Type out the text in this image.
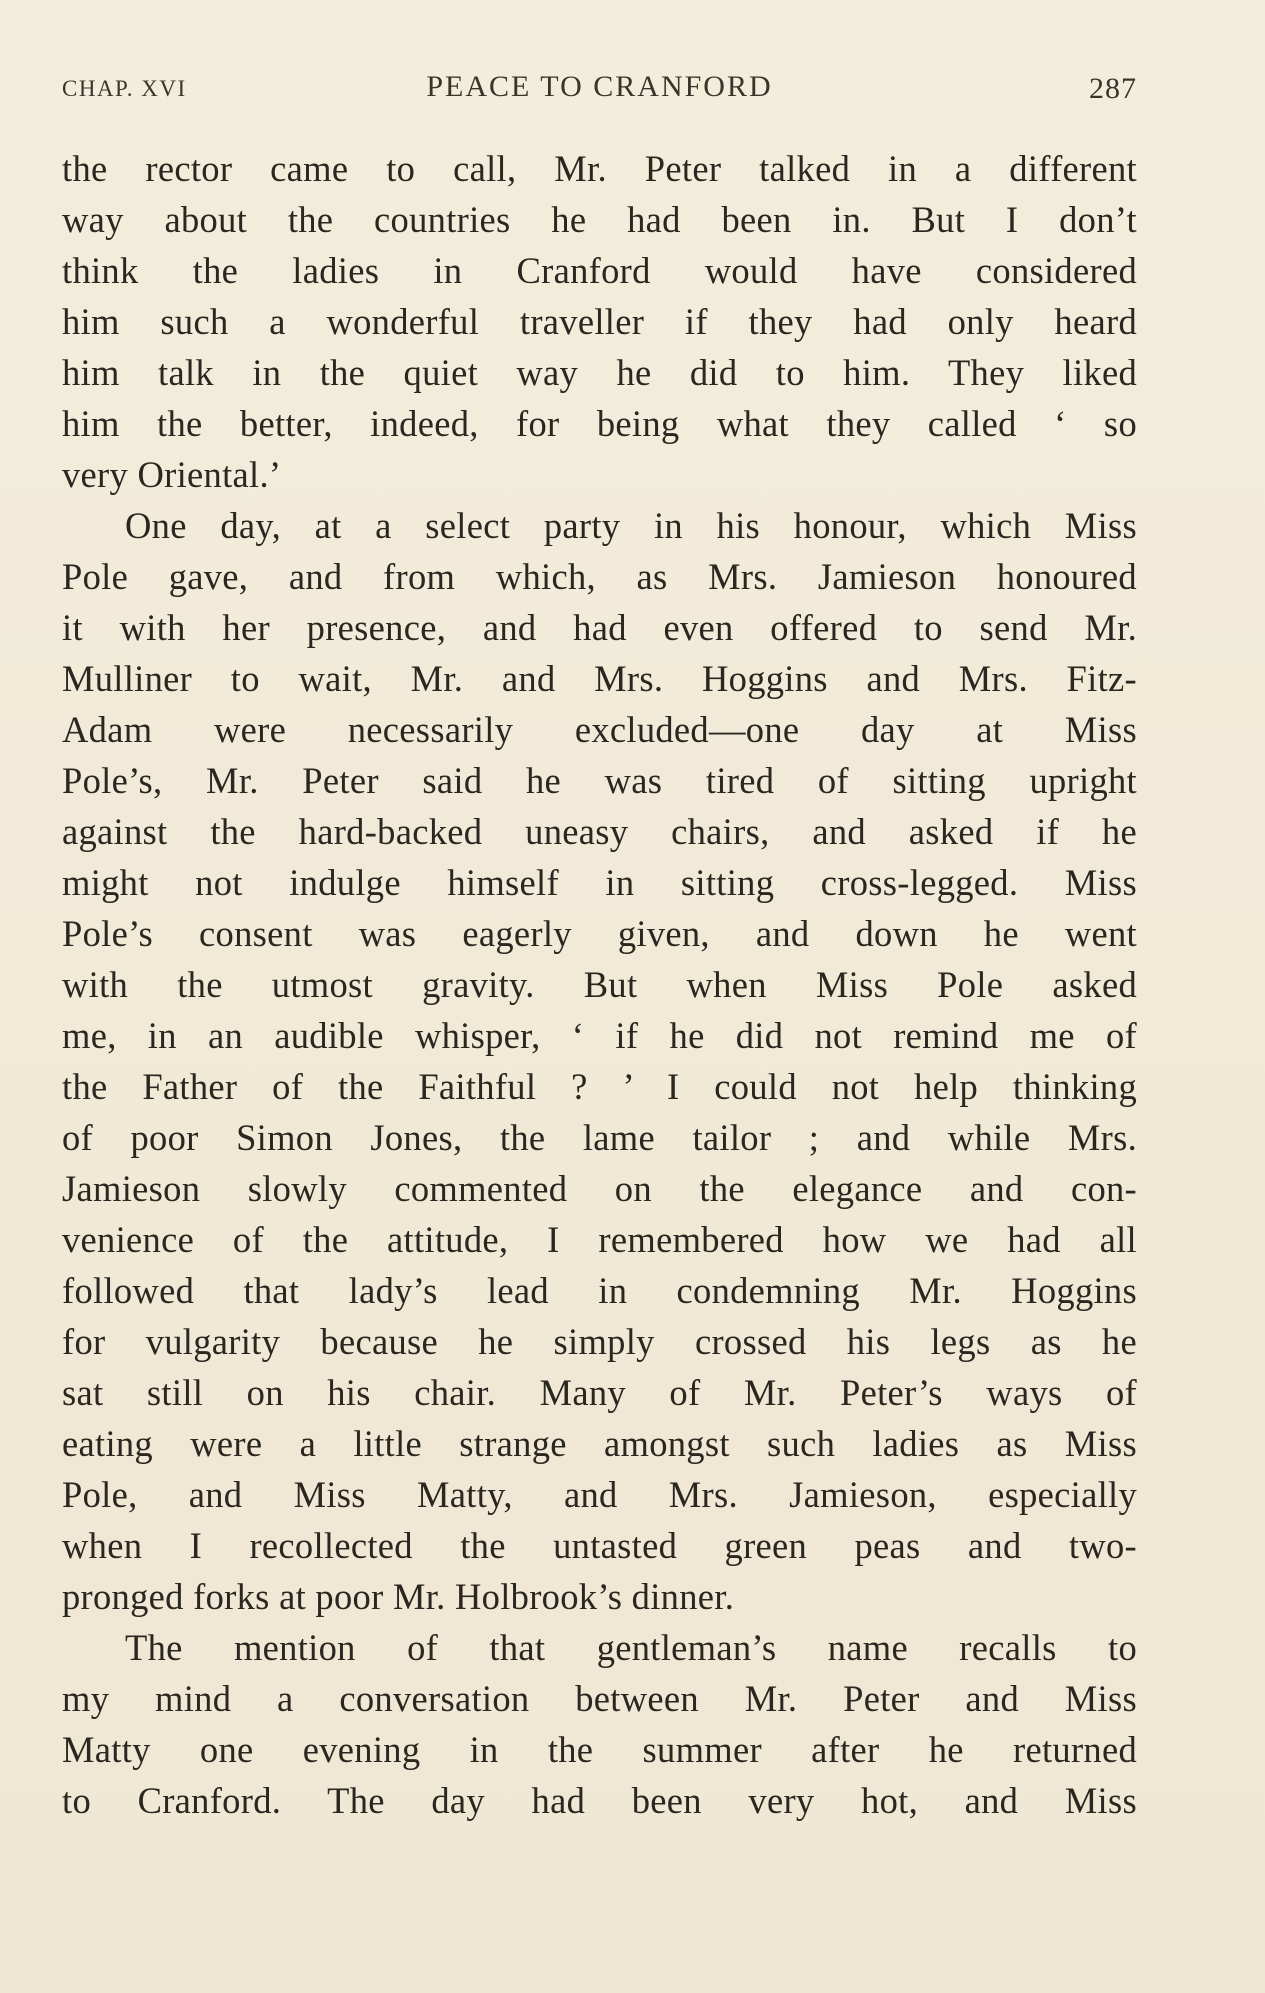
CHAP. XVI	PEACE TO CRANFORD	287
the rector came to call, Mr. Peter talked in a different
way about the countries he had been in. But I don’t
think the ladies in Cranford would have considered
him such a wonderful traveller if they had only heard
him talk in the quiet way he did to him. They liked
him the better, indeed, for being what they called ‘ so
very Oriental.’
One day, at a select party in his honour, which Miss
Pole gave, and from which, as Mrs. Jamieson honoured
it with her presence, and had even offered to send Mr.
Mulliner to wait, Mr. and Mrs. Hoggins and Mrs. Fitz-
Adam were necessarily excluded—one day at Miss
Pole’s, Mr. Peter said he was tired of sitting upright
against the hard-backed uneasy chairs, and asked if he
might not indulge himself in sitting cross-legged. Miss
Pole’s consent was eagerly given, and down he went
with the utmost gravity. But when Miss Pole asked
me, in an audible whisper, ‘ if he did not remind me of
the Father of the Faithful ? ’ I could not help thinking
of poor Simon Jones, the lame tailor ; and while Mrs.
Jamieson slowly commented on the elegance and con-
venience of the attitude, I remembered how we had all
followed that lady’s lead in condemning Mr. Hoggins
for vulgarity because he simply crossed his legs as he
sat still on his chair. Many of Mr. Peter’s ways of
eating were a little strange amongst such ladies as Miss
Pole, and Miss Matty, and Mrs. Jamieson, especially
when I recollected the untasted green peas and two-
pronged forks at poor Mr. Holbrook’s dinner.
The mention of that gentleman’s name recalls to
my mind a conversation between Mr. Peter and Miss
Matty one evening in the summer after he returned
to Cranford. The day had been very hot, and Miss
